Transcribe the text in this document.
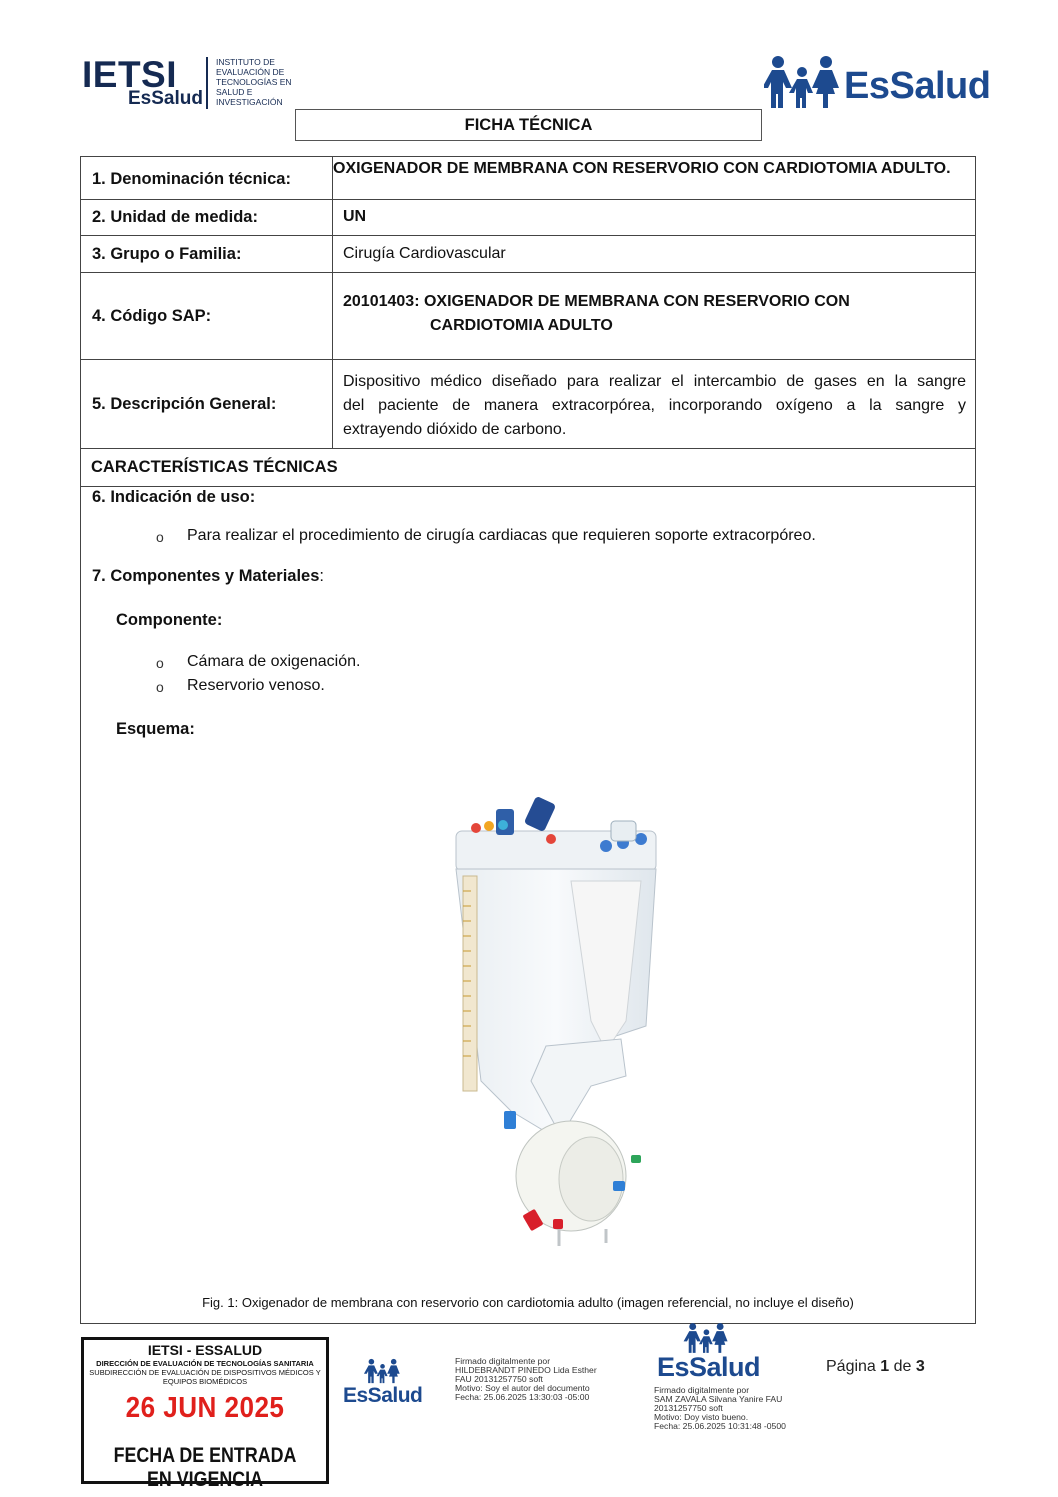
IETSI
EsSalud
INSTITUTO DE
EVALUACIÓN DE
TECNOLOGÍAS EN
SALUD E
INVESTIGACIÓN	EsSalud
FICHA TÉCNICA
1. Denominación técnica:
OXIGENADOR DE MEMBRANA CON RESERVORIO CON CARDIOTOMIA ADULTO.
2. Unidad de medida:	UN
3. Grupo o Familia:	Cirugía Cardiovascular
4. Código SAP:
20101403: OXIGENADOR DE MEMBRANA CON RESERVORIO CON
CARDIOTOMIA ADULTO
5. Descripción General:
Dispositivo médico diseñado para realizar el intercambio de gases en la sangre
del paciente de manera extracorpórea, incorporando oxígeno a la sangre y
extrayendo dióxido de carbono.
CARACTERÍSTICAS TÉCNICAS
6. Indicación de uso:
o Para realizar el procedimiento de cirugía cardiacas que requieren soporte extracorpóreo.
7. Componentes y Materiales:
Componente:
o Cámara de oxigenación.
o Reservorio venoso.
Esquema:
Fig. 1: Oxigenador de membrana con reservorio con cardiotomia adulto (imagen referencial, no incluye el diseño)
IETSI - ESSALUD
DIRECCIÓN DE EVALUACIÓN DE TECNOLOGÍAS SANITARIA
SUBDIRECCIÓN DE EVALUACIÓN DE DISPOSITIVOS MÉDICOS Y EQUIPOS BIOMÉDICOS
26 JUN 2025
FECHA DE ENTRADA EN VIGENCIA
EsSalud
Firmado digitalmente por
HILDEBRANDT PINEDO Lida Esther
FAU 20131257750 soft
Motivo: Soy el autor del documento
Fecha: 25.06.2025 13:30:03 -05:00
EsSalud
Firmado digitalmente por
SAM ZAVALA Silvana Yanire FAU
20131257750 soft
Motivo: Doy visto bueno.
Fecha: 25.06.2025 10:31:48 -0500
Página 1 de 3
